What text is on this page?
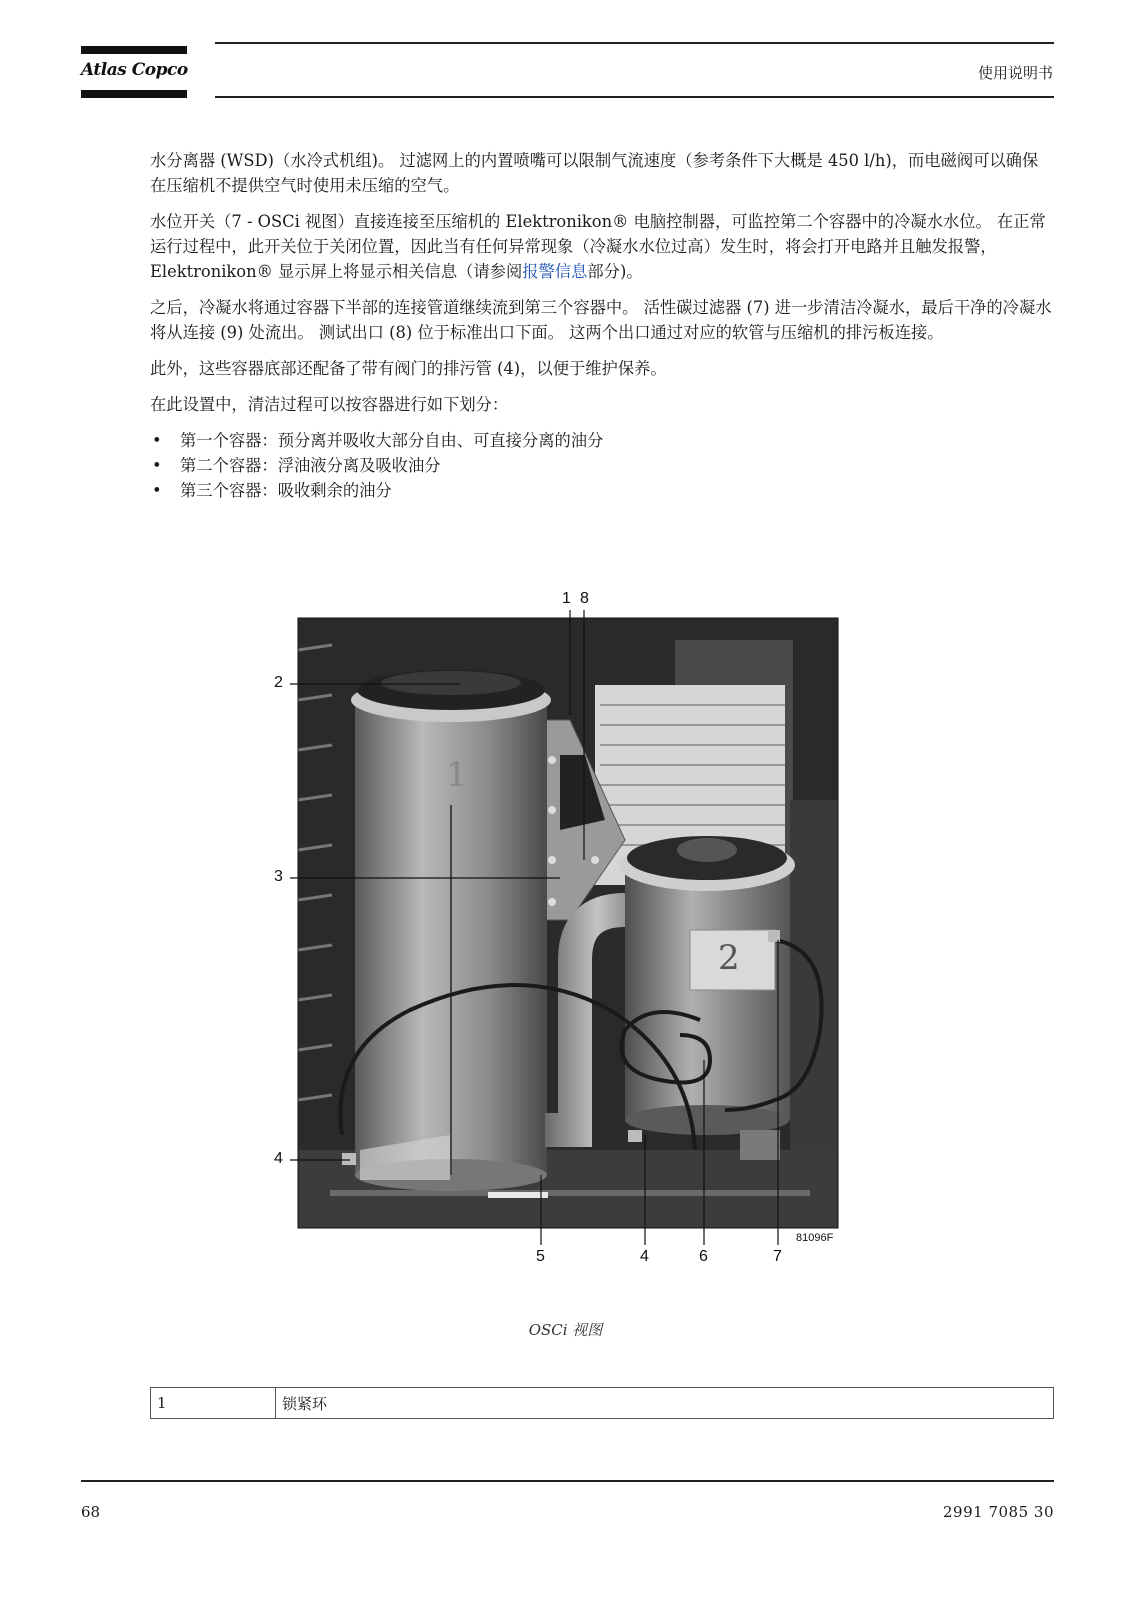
Atlas Copco	使用说明书

水分离器 (WSD)（水冷式机组)。 过滤网上的内置喷嘴可以限制气流速度（参考条件下大概是 450 l/h)，而电磁阀可以确保在压缩机不提供空气时使用未压缩的空气。

水位开关（7 - OSCi 视图）直接连接至压缩机的 Elektronikon® 电脑控制器，可监控第二个容器中的冷凝水水位。 在正常运行过程中，此开关位于关闭位置，因此当有任何异常现象（冷凝水水位过高）发生时，将会打开电路并且触发报警，Elektronikon® 显示屏上将显示相关信息（请参阅报警信息部分)。

之后，冷凝水将通过容器下半部的连接管道继续流到第三个容器中。 活性碳过滤器 (7) 进一步清洁冷凝水，最后干净的冷凝水将从连接 (9) 处流出。 测试出口 (8) 位于标准出口下面。 这两个出口通过对应的软管与压缩机的排污板连接。

此外，这些容器底部还配备了带有阀门的排污管 (4)，以便于维护保养。

在此设置中，清洁过程可以按容器进行如下划分：

• 第一个容器：预分离并吸收大部分自由、可直接分离的油分
• 第二个容器：浮油液分离及吸收油分
• 第三个容器：吸收剩余的油分
1
2
1 8
2
3
4
5	4	6	7
81096F
OSCi 视图
1	锁紧环
68	2991 7085 30
